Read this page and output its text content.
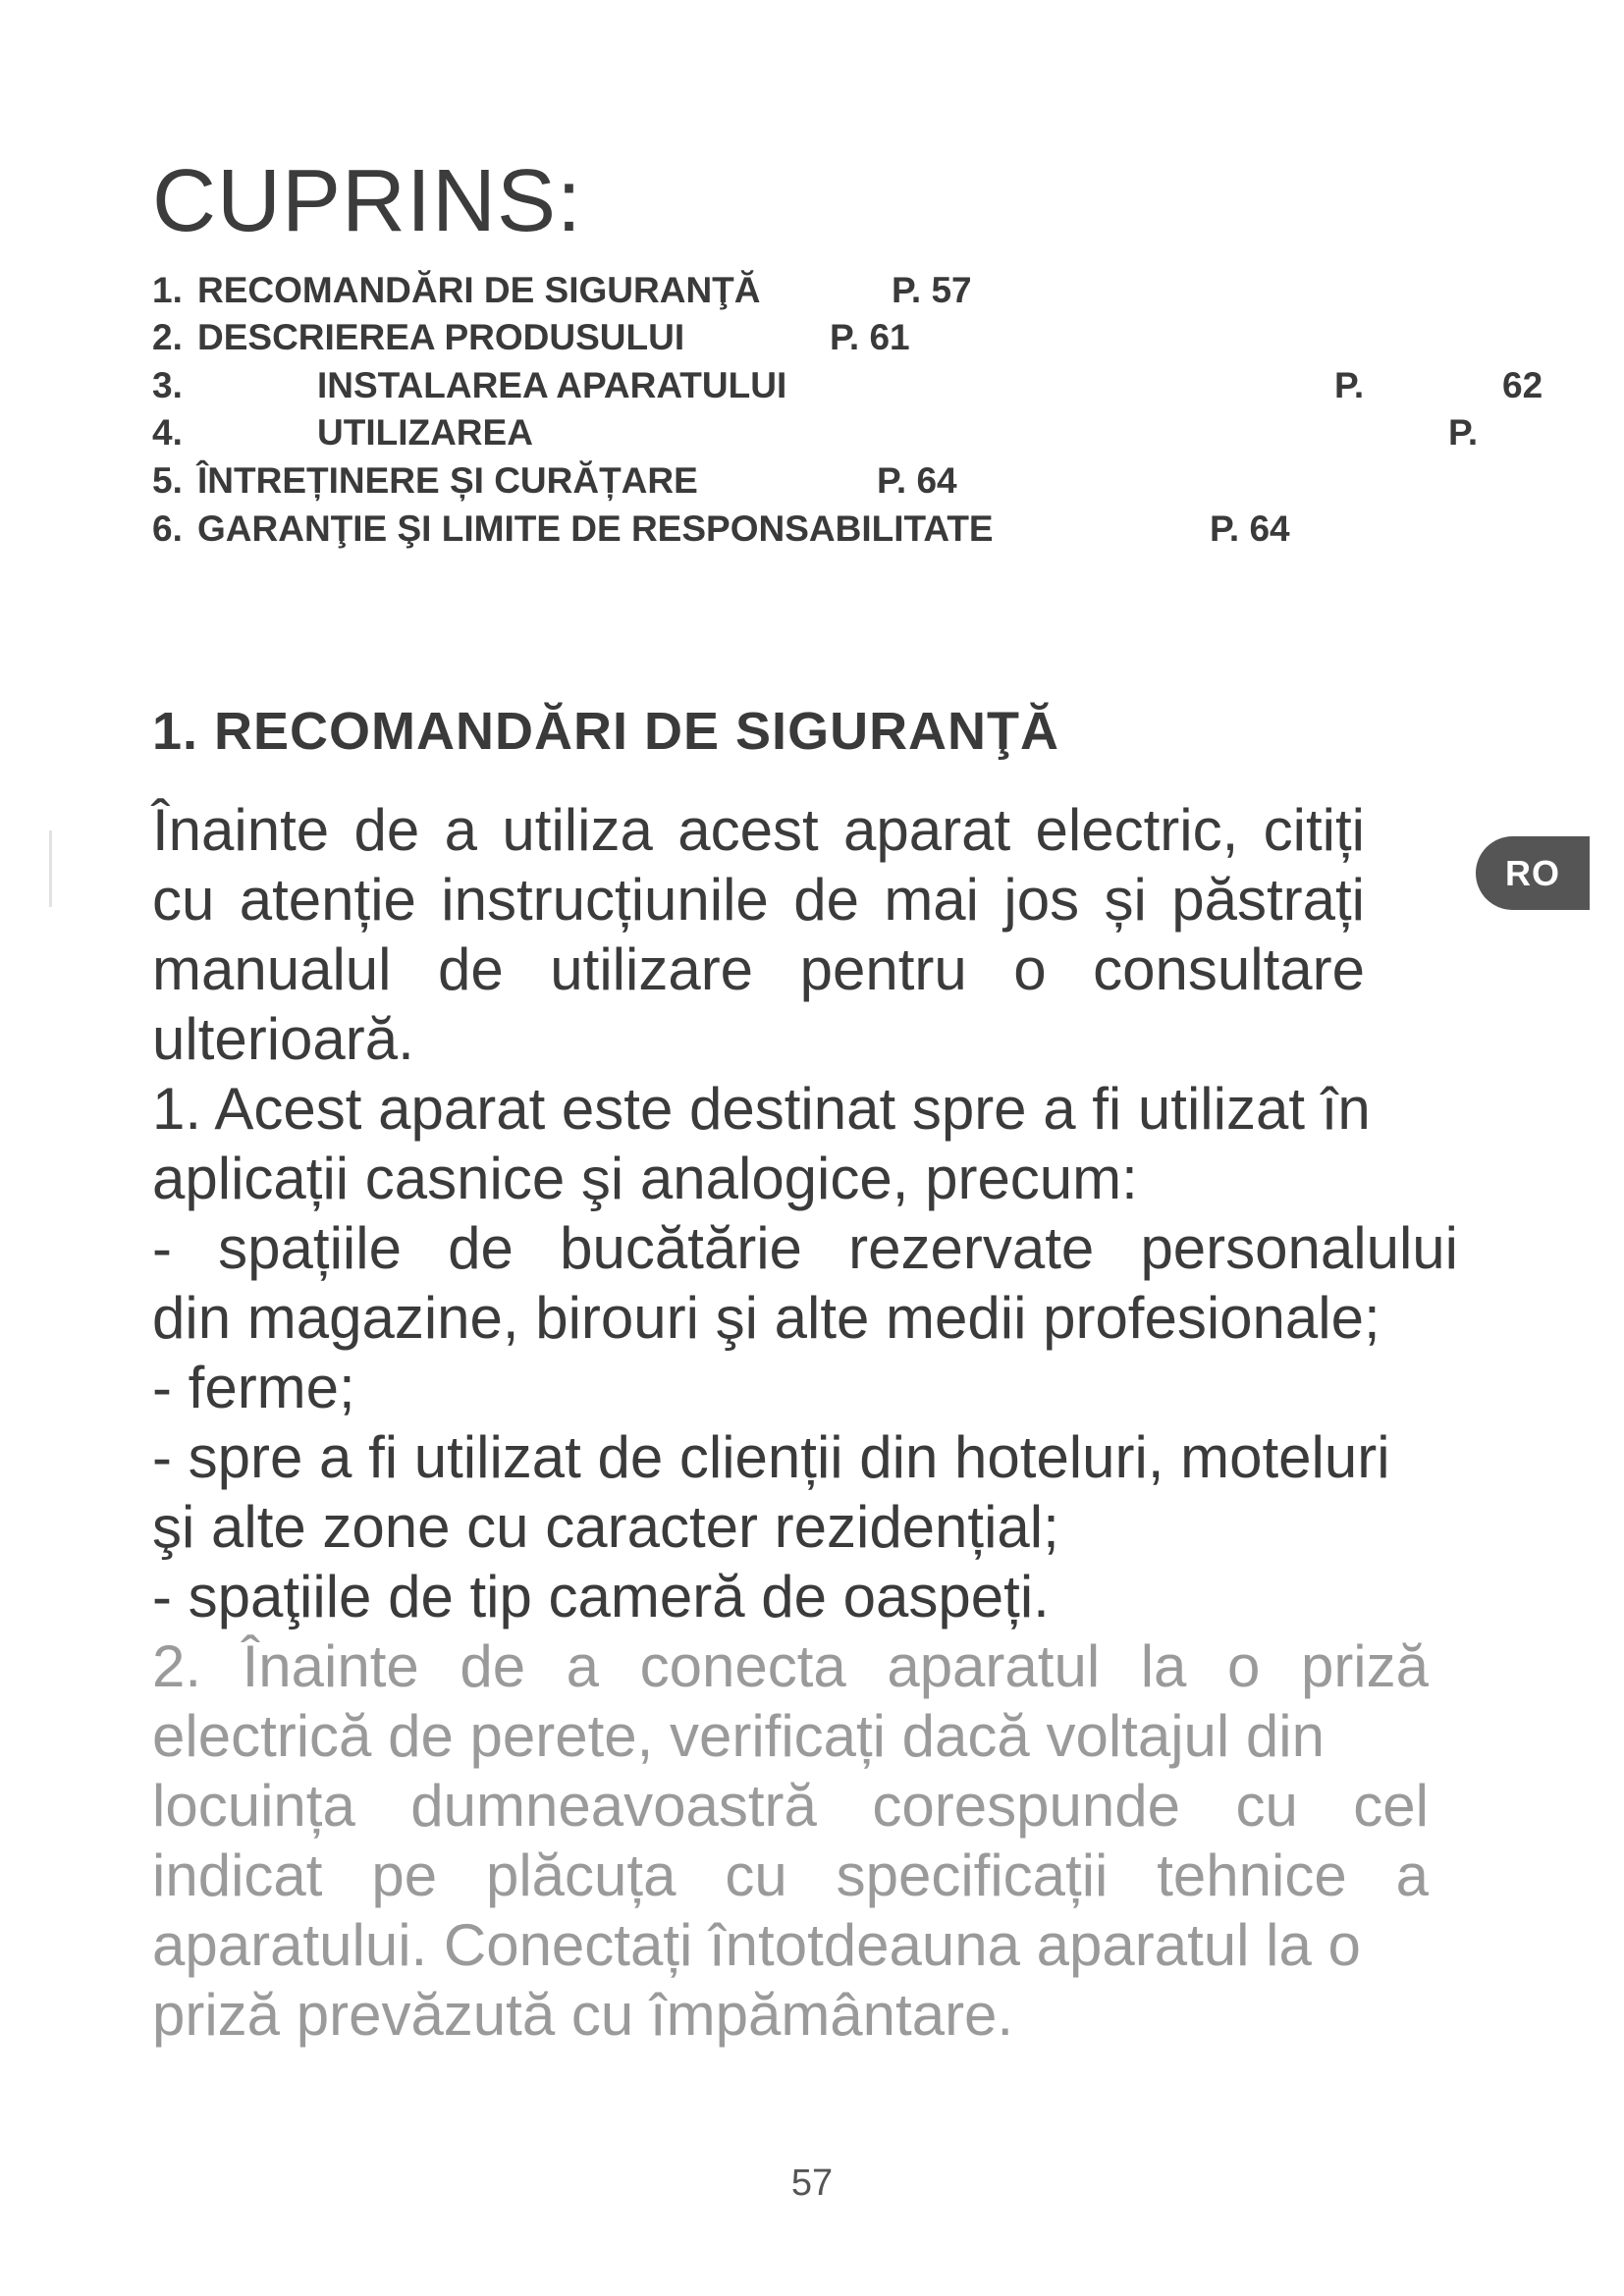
CUPRINS:
1. RECOMANDĂRI DE SIGURANŢĂ	P. 57
2. DESCRIEREA PRODUSULUI	P. 61
3.	INSTALAREA APARATULUI	P.	62
4.	UTILIZAREA	P.
5. ÎNTREȚINERE ȘI CURĂȚARE	P. 64
6. GARANŢIE ŞI LIMITE DE RESPONSABILITATE	P. 64
1. RECOMANDĂRI DE SIGURANŢĂ
Înainte de a utiliza acest aparat electric, citiți
cu atenție instrucțiunile de mai jos și păstrați
manualul de utilizare pentru o consultare
ulterioară.
1. Acest aparat este destinat spre a fi utilizat în
aplicații casnice şi analogice, precum:
- spațiile de bucătărie rezervate personalului
din magazine, birouri şi alte medii profesionale;
- ferme;
- spre a fi utilizat de clienții din hoteluri, moteluri
şi alte zone cu caracter rezidențial;
- spaţiile de tip cameră de oaspeți.
2. Înainte de a conecta aparatul la o priză
electrică de perete, verificați dacă voltajul din
locuința dumneavoastră corespunde cu cel
indicat pe plăcuța cu specificații tehnice a
aparatului. Conectați întotdeauna aparatul la o
priză prevăzută cu împământare.
RO
57
